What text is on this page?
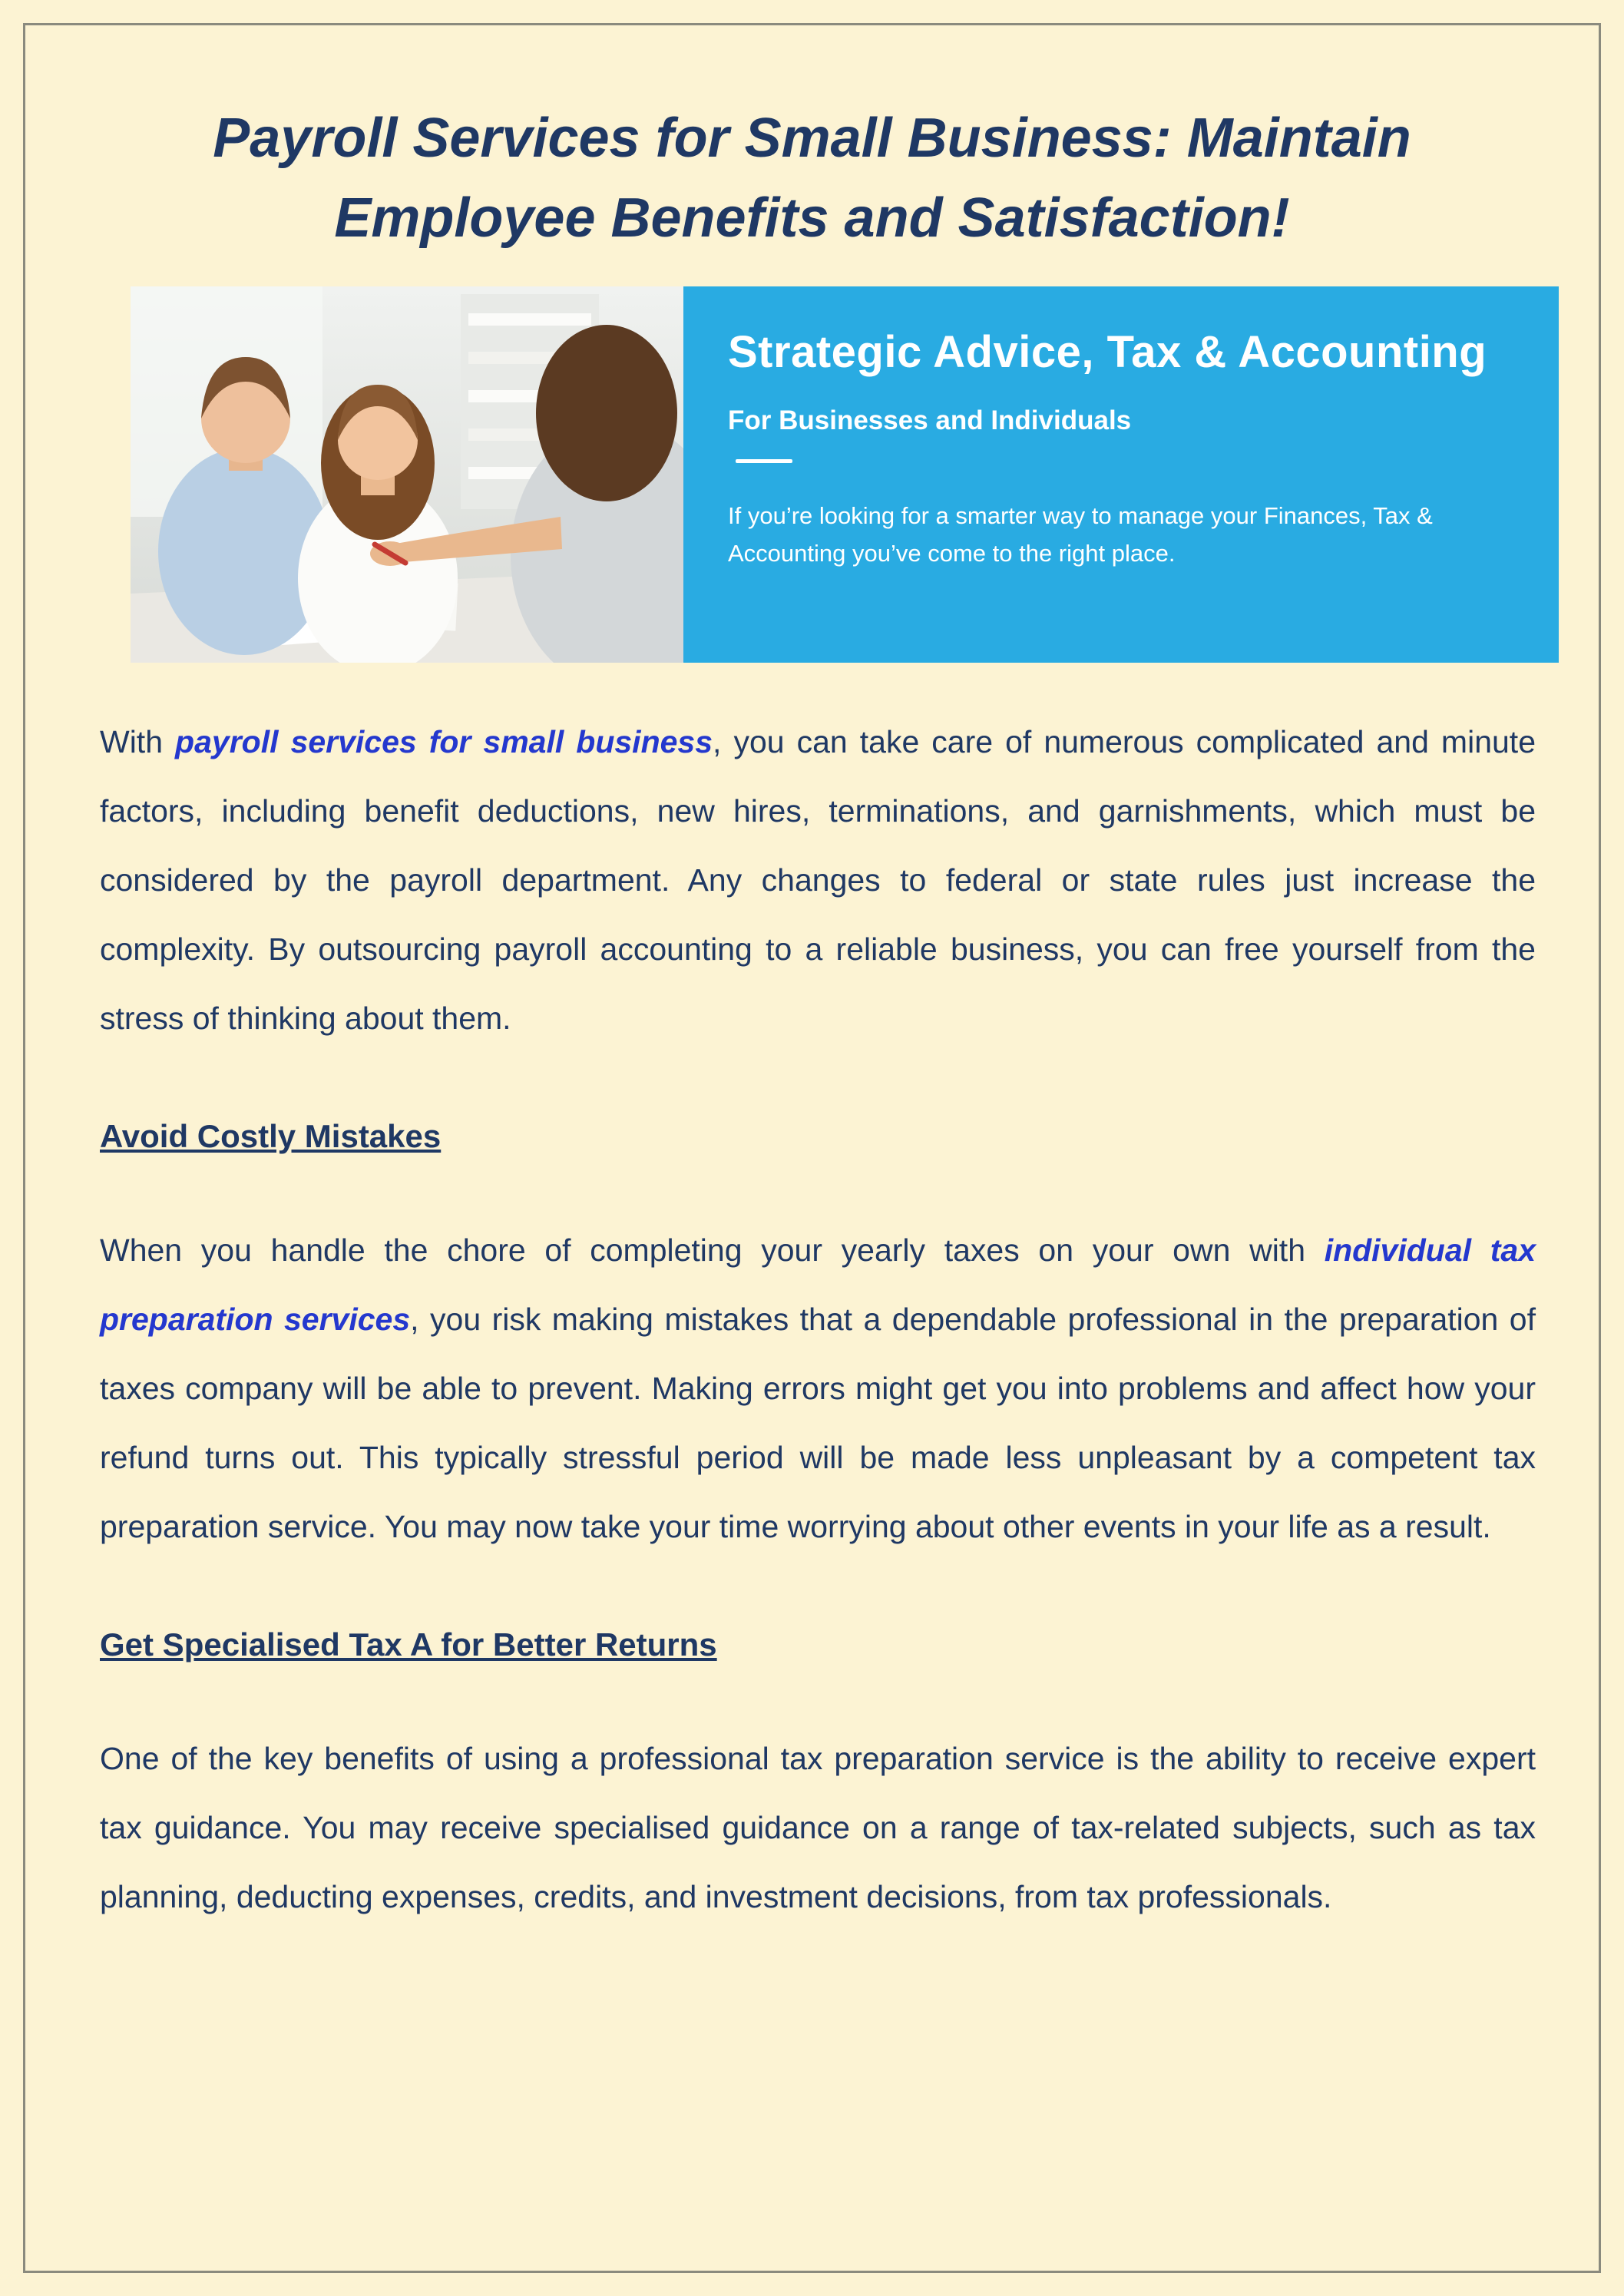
Payroll Services for Small Business: Maintain
Employee Benefits and Satisfaction!
Strategic Advice, Tax & Accounting
For Businesses and Individuals
If you’re looking for a smarter way to manage your Finances, Tax & Accounting you’ve come to the right place.

With payroll services for small business, you can take care of numerous complicated and minute factors, including benefit deductions, new hires, terminations, and garnishments, which must be considered by the payroll department. Any changes to federal or state rules just increase the complexity. By outsourcing payroll accounting to a reliable business, you can free yourself from the stress of thinking about them.

Avoid Costly Mistakes

When you handle the chore of completing your yearly taxes on your own with individual tax preparation services, you risk making mistakes that a dependable professional in the preparation of taxes company will be able to prevent. Making errors might get you into problems and affect how your refund turns out. This typically stressful period will be made less unpleasant by a competent tax preparation service. You may now take your time worrying about other events in your life as a result.

Get Specialised Tax A for Better Returns

One of the key benefits of using a professional tax preparation service is the ability to receive expert tax guidance. You may receive specialised guidance on a range of tax-related subjects, such as tax planning, deducting expenses, credits, and investment decisions, from tax professionals.
